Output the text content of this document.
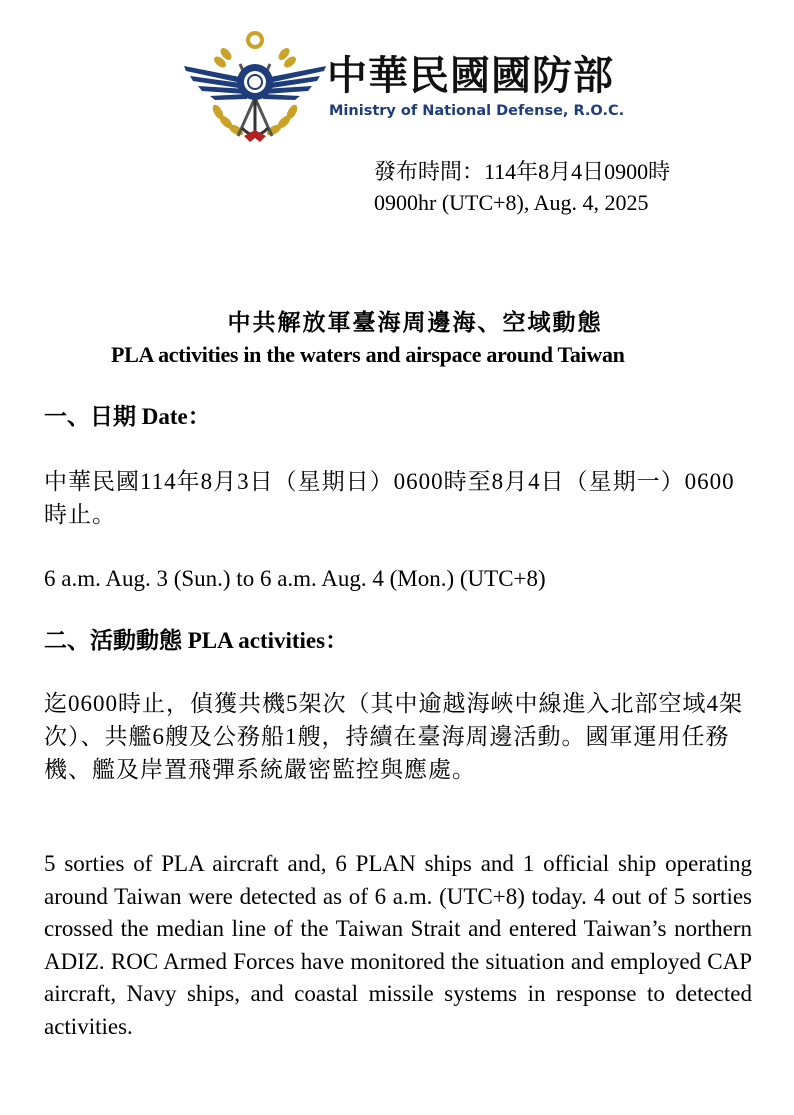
中華民國國防部
Ministry of National Defense, R.O.C.
發布時間：114年8月4日0900時
0900hr (UTC+8), Aug. 4, 2025
中共解放軍臺海周邊海、空域動態
PLA activities in the waters and airspace around Taiwan
一、日期 Date：

中華民國114年8月3日（星期日）0600時至8月4日（星期一）0600時止。

6 a.m. Aug. 3 (Sun.) to 6 a.m. Aug. 4 (Mon.) (UTC+8)

二、活動動態 PLA activities：

迄0600時止，偵獲共機5架次（其中逾越海峽中線進入北部空域4架次）、共艦6艘及公務船1艘，持續在臺海周邊活動。國軍運用任務機、艦及岸置飛彈系統嚴密監控與應處。

5 sorties of PLA aircraft and, 6 PLAN ships and 1 official ship operating around Taiwan were detected as of 6 a.m. (UTC+8) today. 4 out of 5 sorties crossed the median line of the Taiwan Strait and entered Taiwan’s northern ADIZ. ROC Armed Forces have monitored the situation and employed CAP aircraft, Navy ships, and coastal missile systems in response to detected activities.
